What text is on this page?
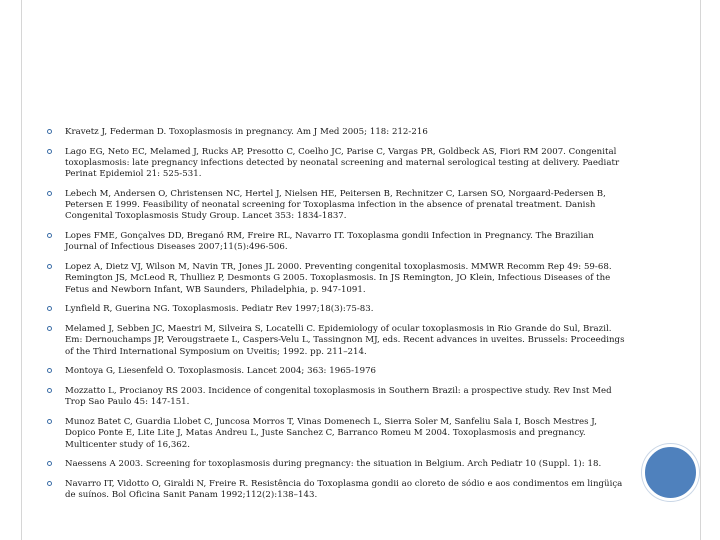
Kravetz J, Federman D. Toxoplasmosis in pregnancy. Am J Med 2005; 118: 212-216
Lago EG, Neto EC, Melamed J, Rucks AP, Presotto C, Coelho JC, Parise C, Vargas PR, Goldbeck AS, Fiori RM 2007. Congenital toxoplasmosis: late pregnancy infections detected by neonatal screening and maternal serological testing at delivery. Paediatr Perinat Epidemiol 21: 525-531.
Lebech M, Andersen O, Christensen NC, Hertel J, Nielsen HE, Peitersen B, Rechnitzer C, Larsen SO, Norgaard-Pedersen B, Petersen E 1999. Feasibility of neonatal screening for Toxoplasma infection in the absence of prenatal treatment. Danish Congenital Toxoplasmosis Study Group. Lancet 353: 1834-1837.
Lopes FME, Gonçalves DD, Breganó RM, Freire RL, Navarro IT. Toxoplasma gondii Infection in Pregnancy. The Brazilian Journal of Infectious Diseases 2007;11(5):496-506.
Lopez A, Dietz VJ, Wilson M, Navin TR, Jones JL 2000. Preventing congenital toxoplasmosis. MMWR Recomm Rep 49: 59-68. Remington JS, McLeod R, Thulliez P, Desmonts G 2005. Toxoplasmosis. In JS Remington, JO Klein, Infectious Diseases of the Fetus and Newborn Infant, WB Saunders, Philadelphia, p. 947-1091.
Lynfield R, Guerina NG. Toxoplasmosis. Pediatr Rev 1997;18(3):75-83.
Melamed J, Sebben JC, Maestri M, Silveira S, Locatelli C. Epidemiology of ocular toxoplasmosis in Rio Grande do Sul, Brazil. Em: Dernouchamps JP, Verougstraete L, Caspers-Velu L, Tassingnon MJ, eds. Recent advances in uveites. Brussels: Proceedings of the Third International Symposium on Uveitis; 1992. pp. 211–214.
Montoya G, Liesenfeld O. Toxoplasmosis. Lancet 2004; 363: 1965-1976
Mozzatto L, Procianoy RS 2003. Incidence of congenital toxoplasmosis in Southern Brazil: a prospective study. Rev Inst Med Trop Sao Paulo 45: 147-151.
Munoz Batet C, Guardia Llobet C, Juncosa Morros T, Vinas Domenech L, Sierra Soler M, Sanfeliu Sala I, Bosch Mestres J, Dopico Ponte E, Lite Lite J, Matas Andreu L, Juste Sanchez C, Barranco Romeu M 2004. Toxoplasmosis and pregnancy. Multicenter study of 16,362.
Naessens A 2003. Screening for toxoplasmosis during pregnancy: the situation in Belgium. Arch Pediatr 10 (Suppl. 1): 18.
Navarro IT, Vidotto O, Giraldi N, Freire R. Resistência do Toxoplasma gondii ao cloreto de sódio e aos condimentos em lingüiça de suínos. Bol Oficina Sanit Panam 1992;112(2):138–143.
